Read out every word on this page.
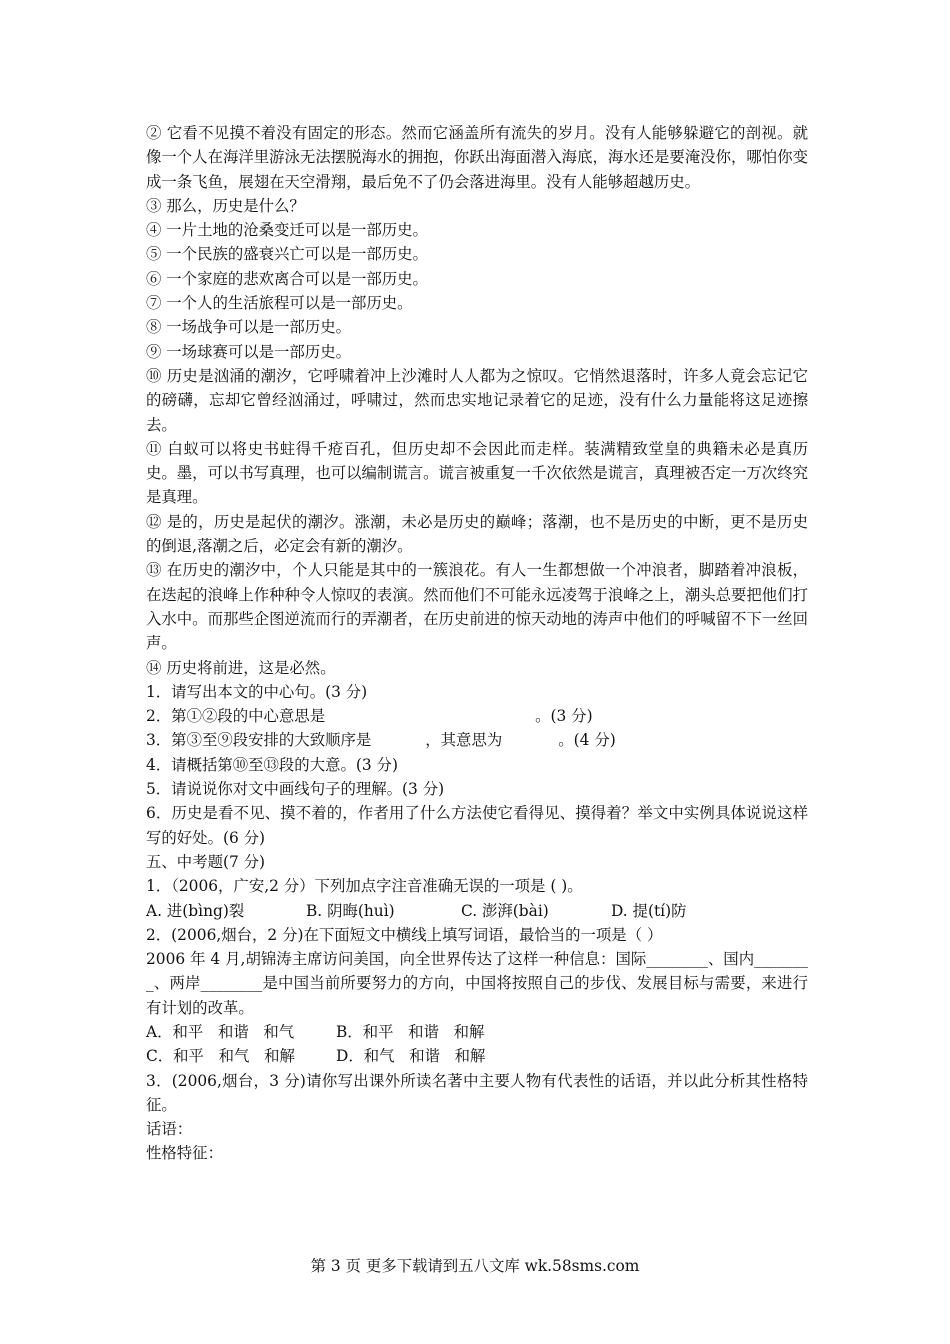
② 它看不见摸不着没有固定的形态。然而它涵盖所有流失的岁月。没有人能够躲避它的剖视。就像一个人在海洋里游泳无法摆脱海水的拥抱，你跃出海面潜入海底，海水还是要淹没你，哪怕你变成一条飞鱼，展翅在天空滑翔，最后免不了仍会落进海里。没有人能够超越历史。

③ 那么，历史是什么？

④ 一片土地的沧桑变迁可以是一部历史。

⑤ 一个民族的盛衰兴亡可以是一部历史。

⑥ 一个家庭的悲欢离合可以是一部历史。

⑦ 一个人的生活旅程可以是一部历史。

⑧ 一场战争可以是一部历史。

⑨ 一场球赛可以是一部历史。

⑩ 历史是汹涌的潮汐，它呼啸着冲上沙滩时人人都为之惊叹。它悄然退落时，许多人竟会忘记它的磅礴，忘却它曾经汹涌过，呼啸过，然而忠实地记录着它的足迹，没有什么力量能将这足迹擦去。

⑪ 白蚁可以将史书蛀得千疮百孔，但历史却不会因此而走样。装满精致堂皇的典籍未必是真历史。墨，可以书写真理，也可以编制谎言。谎言被重复一千次依然是谎言，真理被否定一万次终究是真理。

⑫ 是的，历史是起伏的潮汐。涨潮，未必是历史的巅峰；落潮，也不是历史的中断，更不是历史的倒退,落潮之后，必定会有新的潮汐。

⑬ 在历史的潮汐中，个人只能是其中的一簇浪花。有人一生都想做一个冲浪者，脚踏着冲浪板，在迭起的浪峰上作种种令人惊叹的表演。然而他们不可能永远凌驾于浪峰之上，潮头总要把他们打入水中。而那些企图逆流而行的弄潮者，在历史前进的惊天动地的涛声中他们的呼喊留不下一丝回声。

⑭ 历史将前进，这是必然。

1．请写出本文的中心句。(3 分)

2．第①②段的中心意思是	。(3 分)

3．第③至⑨段安排的大致顺序是	，其意思为	。(4 分)

4．请概括第⑩至⑬段的大意。(3 分)

5．请说说你对文中画线句子的理解。(3 分)

6．历史是看不见、摸不着的，作者用了什么方法使它看得见、摸得着？举文中实例具体说说这样写的好处。(6 分)

五、中考题(7 分)

1．（2006，广安,2 分）下列加点字注音准确无误的一项是 ( )。

A. 进(bìng)裂	B. 阴晦(huì)	C. 澎湃(bài)	D. 提(tí)防

2．(2006,烟台，2 分)在下面短文中横线上填写词语，最恰当的一项是（ ）

2006 年 4 月,胡锦涛主席访问美国，向全世界传达了这样一种信息：国际________、国内________、两岸________是中国当前所要努力的方向，中国将按照自己的步伐、发展目标与需要，来进行有计划的改革。

A．和平   和谐   和气	B．和平   和谐   和解

C．和平   和气   和解	D．和气   和谐   和解

3．(2006,烟台，3 分)请你写出课外所读名著中主要人物有代表性的话语，并以此分析其性格特征。

话语：

性格特征：

第 3 页 更多下载请到五八文库 wk.58sms.com
